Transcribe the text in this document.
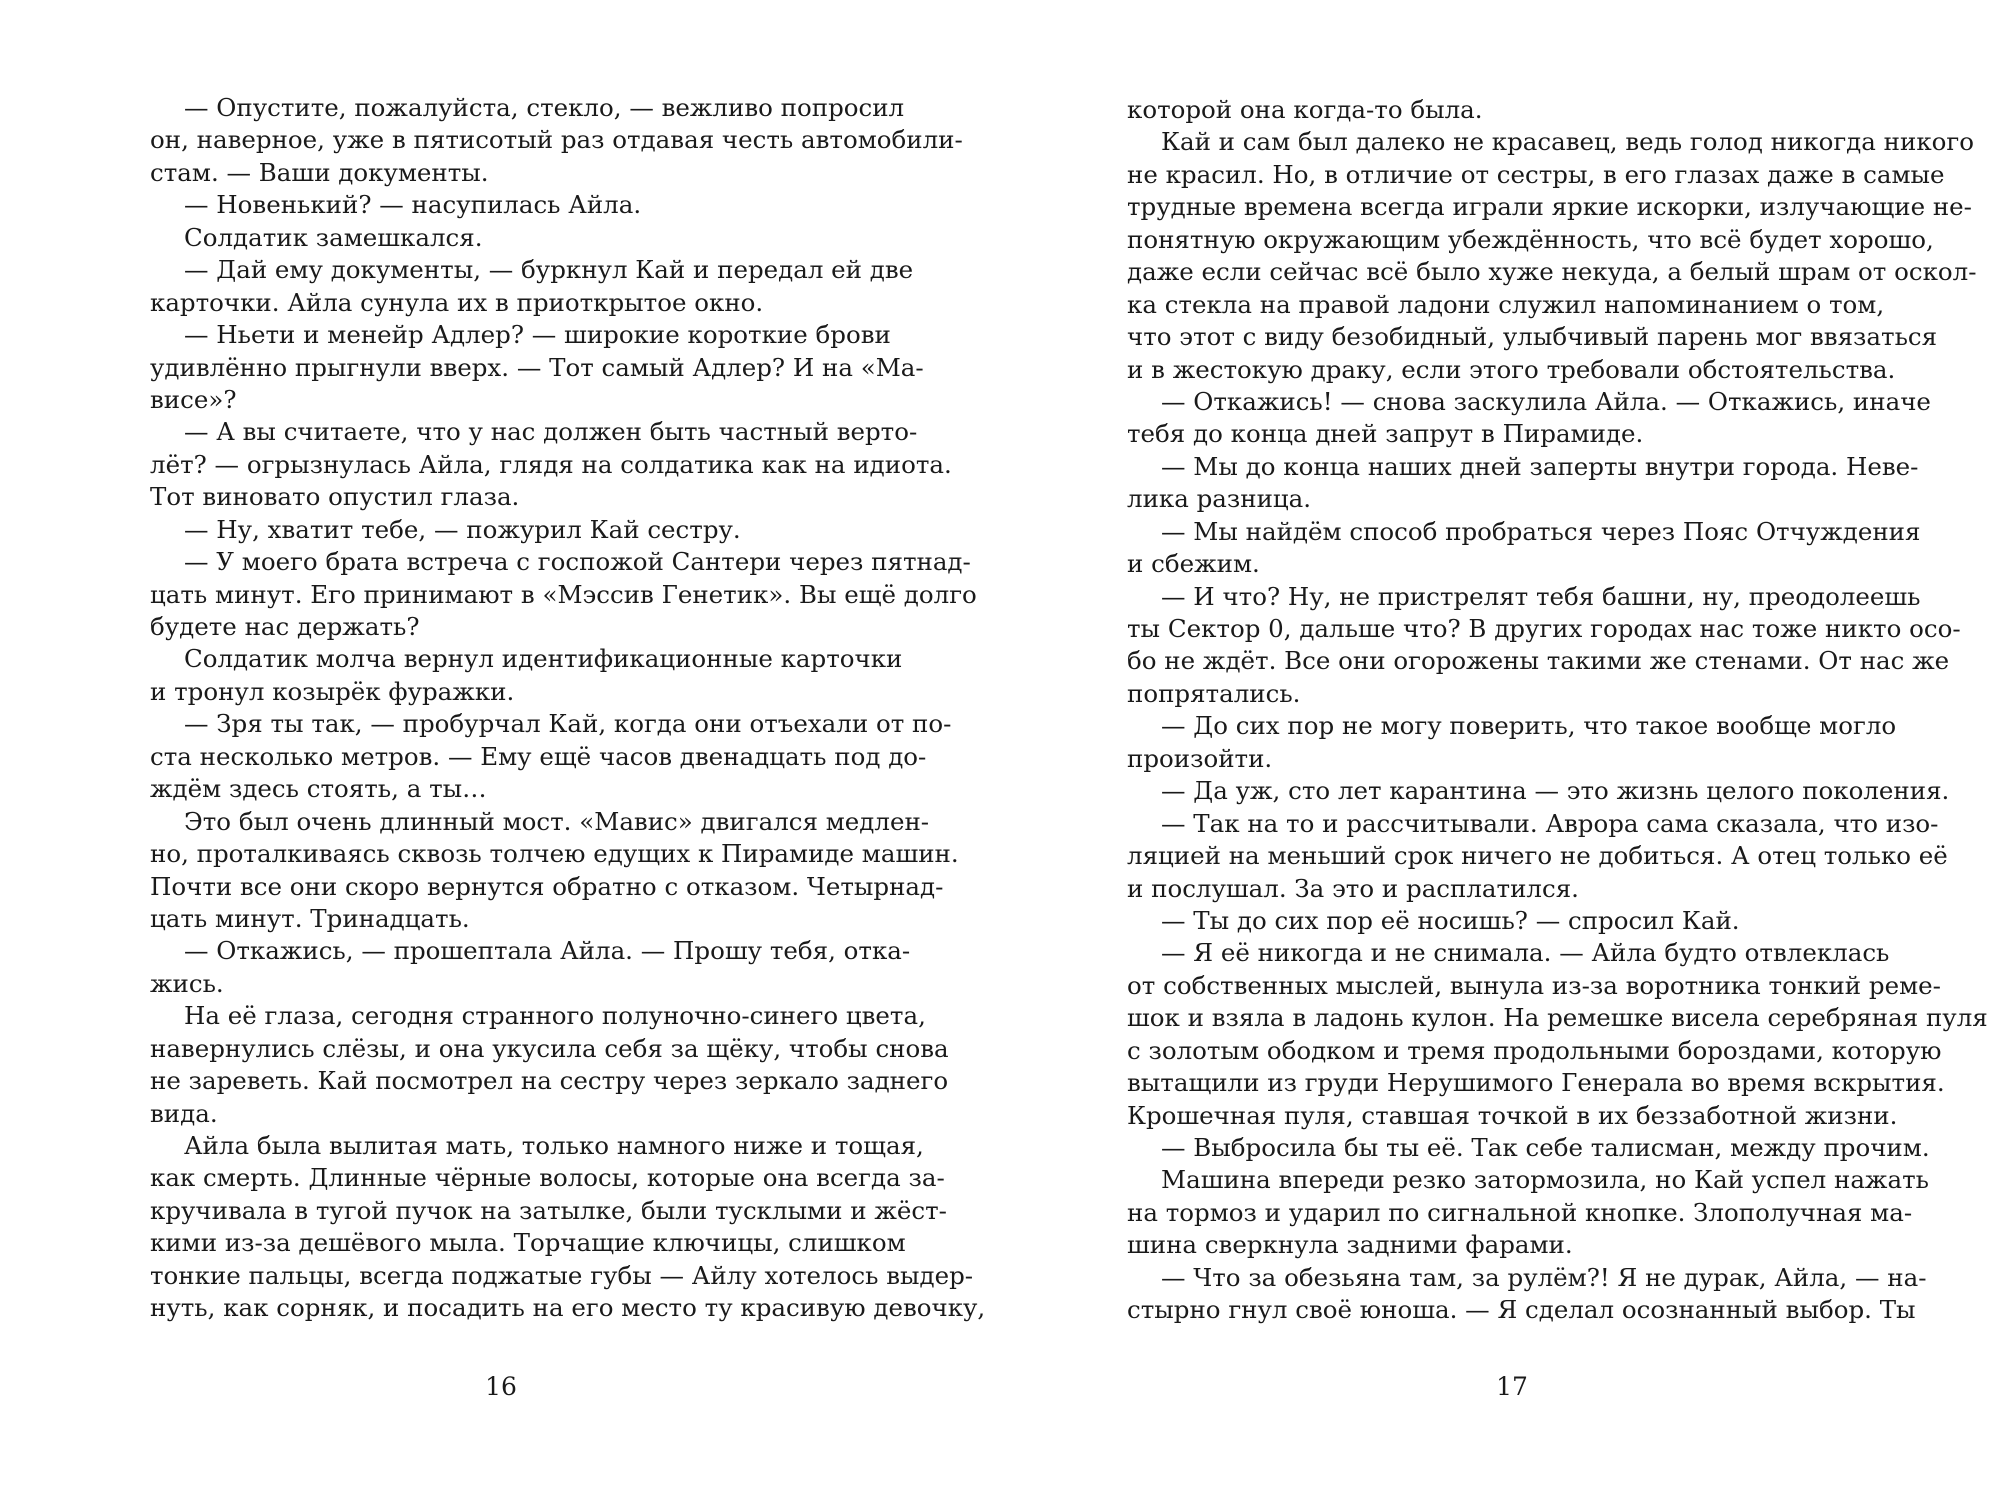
— Опустите, пожалуйста, стекло, — вежливо попросил
он, наверное, уже в пятисотый раз отдавая честь автомобили-
стам. — Ваши документы.
— Новенький? — насупилась Айла.
Солдатик замешкался.
— Дай ему документы, — буркнул Кай и передал ей две
карточки. Айла сунула их в приоткрытое окно.
— Ньети и менейр Адлер? — широкие короткие брови
удивлённо прыгнули вверх. — Тот самый Адлер? И на «Ма-
висе»?
— А вы считаете, что у нас должен быть частный верто-
лёт? — огрызнулась Айла, глядя на солдатика как на идиота.
Тот виновато опустил глаза.
— Ну, хватит тебе, — пожурил Кай сестру.
— У моего брата встреча с госпожой Сантери через пятнад-
цать минут. Его принимают в «Мэссив Генетик». Вы ещё долго
будете нас держать?
Солдатик молча вернул идентификационные карточки
и тронул козырёк фуражки.
— Зря ты так, — пробурчал Кай, когда они отъехали от по-
ста несколько метров. — Ему ещё часов двенадцать под до-
ждём здесь стоять, а ты…
Это был очень длинный мост. «Мавис» двигался медлен-
но, проталкиваясь сквозь толчею едущих к Пирамиде машин.
Почти все они скоро вернутся обратно с отказом. Четырнад-
цать минут. Тринадцать.
— Откажись, — прошептала Айла. — Прошу тебя, отка-
жись.
На её глаза, сегодня странного полуночно-синего цвета,
навернулись слёзы, и она укусила себя за щёку, чтобы снова
не зареветь. Кай посмотрел на сестру через зеркало заднего
вида.
Айла была вылитая мать, только намного ниже и тощая,
как смерть. Длинные чёрные волосы, которые она всегда за-
кручивала в тугой пучок на затылке, были тусклыми и жёст-
кими из-за дешёвого мыла. Торчащие ключицы, слишком
тонкие пальцы, всегда поджатые губы — Айлу хотелось выдер-
нуть, как сорняк, и посадить на его место ту красивую девочку,
16
которой она когда-то была.
Кай и сам был далеко не красавец, ведь голод никогда никого
не красил. Но, в отличие от сестры, в его глазах даже в самые
трудные времена всегда играли яркие искорки, излучающие не-
понятную окружающим убеждённость, что всё будет хорошо,
даже если сейчас всё было хуже некуда, а белый шрам от оскол-
ка стекла на правой ладони служил напоминанием о том,
что этот с виду безобидный, улыбчивый парень мог ввязаться
и в жестокую драку, если этого требовали обстоятельства.
— Откажись! — снова заскулила Айла. — Откажись, иначе
тебя до конца дней запрут в Пирамиде.
— Мы до конца наших дней заперты внутри города. Неве-
лика разница.
— Мы найдём способ пробраться через Пояс Отчуждения
и сбежим.
— И что? Ну, не пристрелят тебя башни, ну, преодолеешь
ты Сектор 0, дальше что? В других городах нас тоже никто осо-
бо не ждёт. Все они огорожены такими же стенами. От нас же
попрятались.
— До сих пор не могу поверить, что такое вообще могло
произойти.
— Да уж, сто лет карантина — это жизнь целого поколения.
— Так на то и рассчитывали. Аврора сама сказала, что изо-
ляцией на меньший срок ничего не добиться. А отец только её
и послушал. За это и расплатился.
— Ты до сих пор её носишь? — спросил Кай.
— Я её никогда и не снимала. — Айла будто отвлеклась
от собственных мыслей, вынула из-за воротника тонкий реме-
шок и взяла в ладонь кулон. На ремешке висела серебряная пуля
с золотым ободком и тремя продольными бороздами, которую
вытащили из груди Нерушимого Генерала во время вскрытия.
Крошечная пуля, ставшая точкой в их беззаботной жизни.
— Выбросила бы ты её. Так себе талисман, между прочим.
Машина впереди резко затормозила, но Кай успел нажать
на тормоз и ударил по сигнальной кнопке. Злополучная ма-
шина сверкнула задними фарами.
— Что за обезьяна там, за рулём?! Я не дурак, Айла, — на-
стырно гнул своё юноша. — Я сделал осознанный выбор. Ты
17
